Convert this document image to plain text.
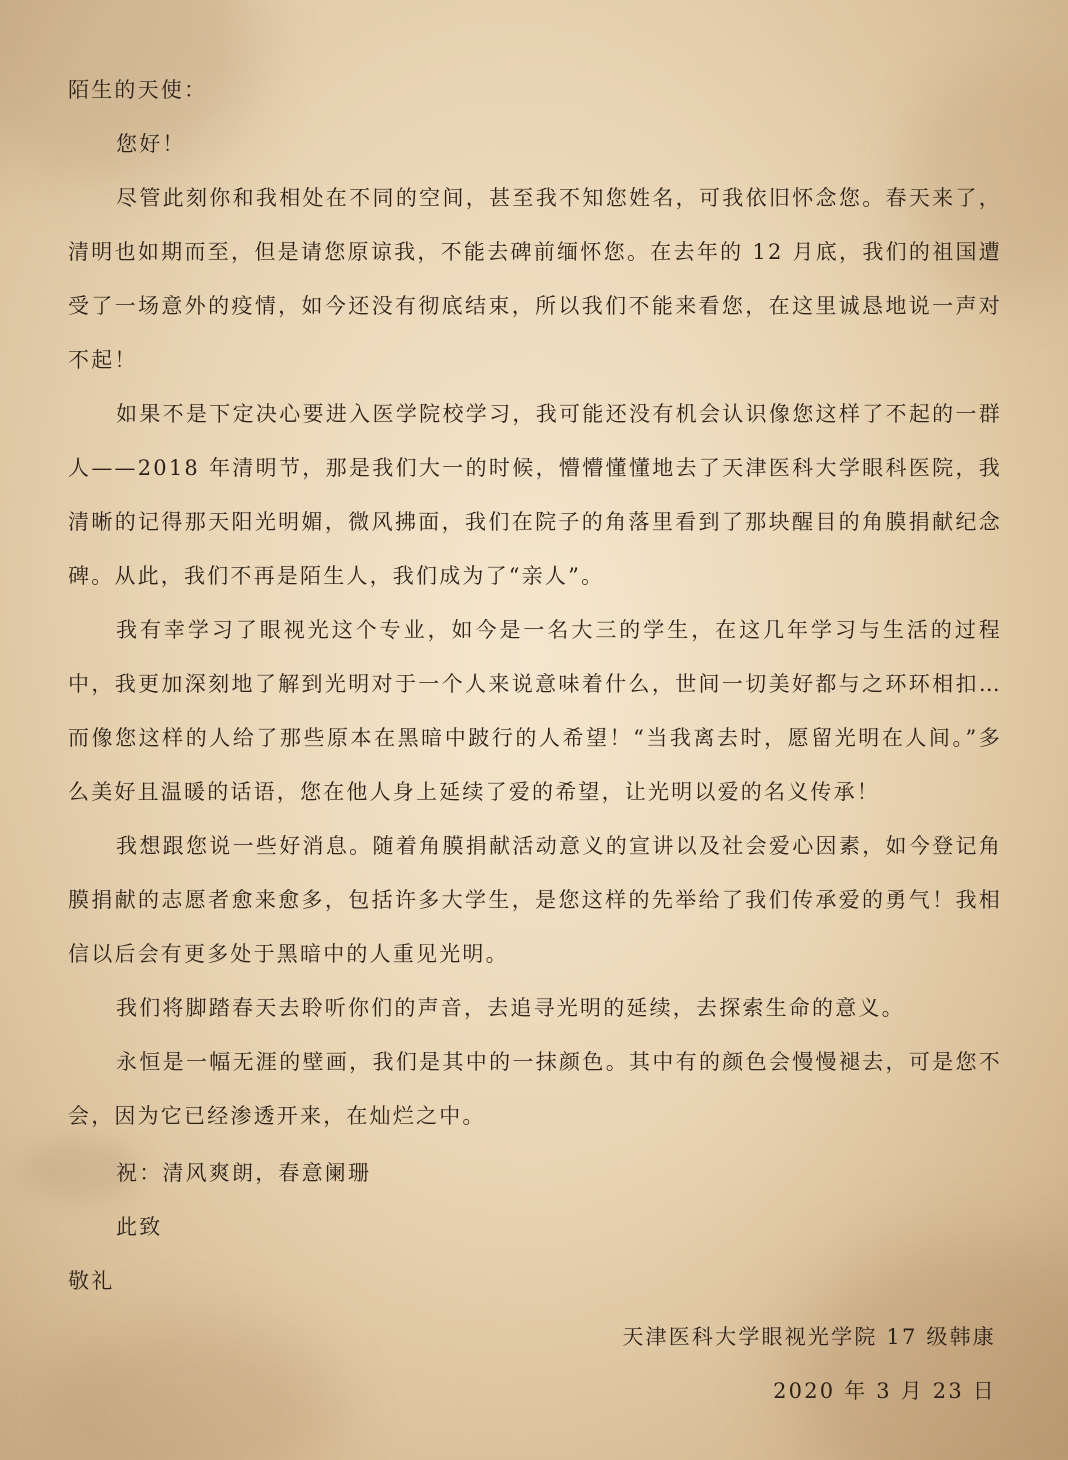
陌生的天使：
您好！
尽管此刻你和我相处在不同的空间，甚至我不知您姓名，可我依旧怀念您。春天来了，清明也如期而至，但是请您原谅我，不能去碑前缅怀您。在去年的 12 月底，我们的祖国遭受了一场意外的疫情，如今还没有彻底结束，所以我们不能来看您，在这里诚恳地说一声对不起！
如果不是下定决心要进入医学院校学习，我可能还没有机会认识像您这样了不起的一群人——2018 年清明节，那是我们大一的时候，懵懵懂懂地去了天津医科大学眼科医院，我清晰的记得那天阳光明媚，微风拂面，我们在院子的角落里看到了那块醒目的角膜捐献纪念碑。从此，我们不再是陌生人，我们成为了“亲人”。
我有幸学习了眼视光这个专业，如今是一名大三的学生，在这几年学习与生活的过程中，我更加深刻地了解到光明对于一个人来说意味着什么，世间一切美好都与之环环相扣…而像您这样的人给了那些原本在黑暗中跛行的人希望！“当我离去时，愿留光明在人间。”多么美好且温暖的话语，您在他人身上延续了爱的希望，让光明以爱的名义传承！
我想跟您说一些好消息。随着角膜捐献活动意义的宣讲以及社会爱心因素，如今登记角膜捐献的志愿者愈来愈多，包括许多大学生，是您这样的先举给了我们传承爱的勇气！我相信以后会有更多处于黑暗中的人重见光明。
我们将脚踏春天去聆听你们的声音，去追寻光明的延续，去探索生命的意义。
永恒是一幅无涯的壁画，我们是其中的一抹颜色。其中有的颜色会慢慢褪去，可是您不会，因为它已经渗透开来，在灿烂之中。
祝：清风爽朗，春意阑珊
此致
敬礼
天津医科大学眼视光学院 17 级韩康
2020 年 3 月 23 日
